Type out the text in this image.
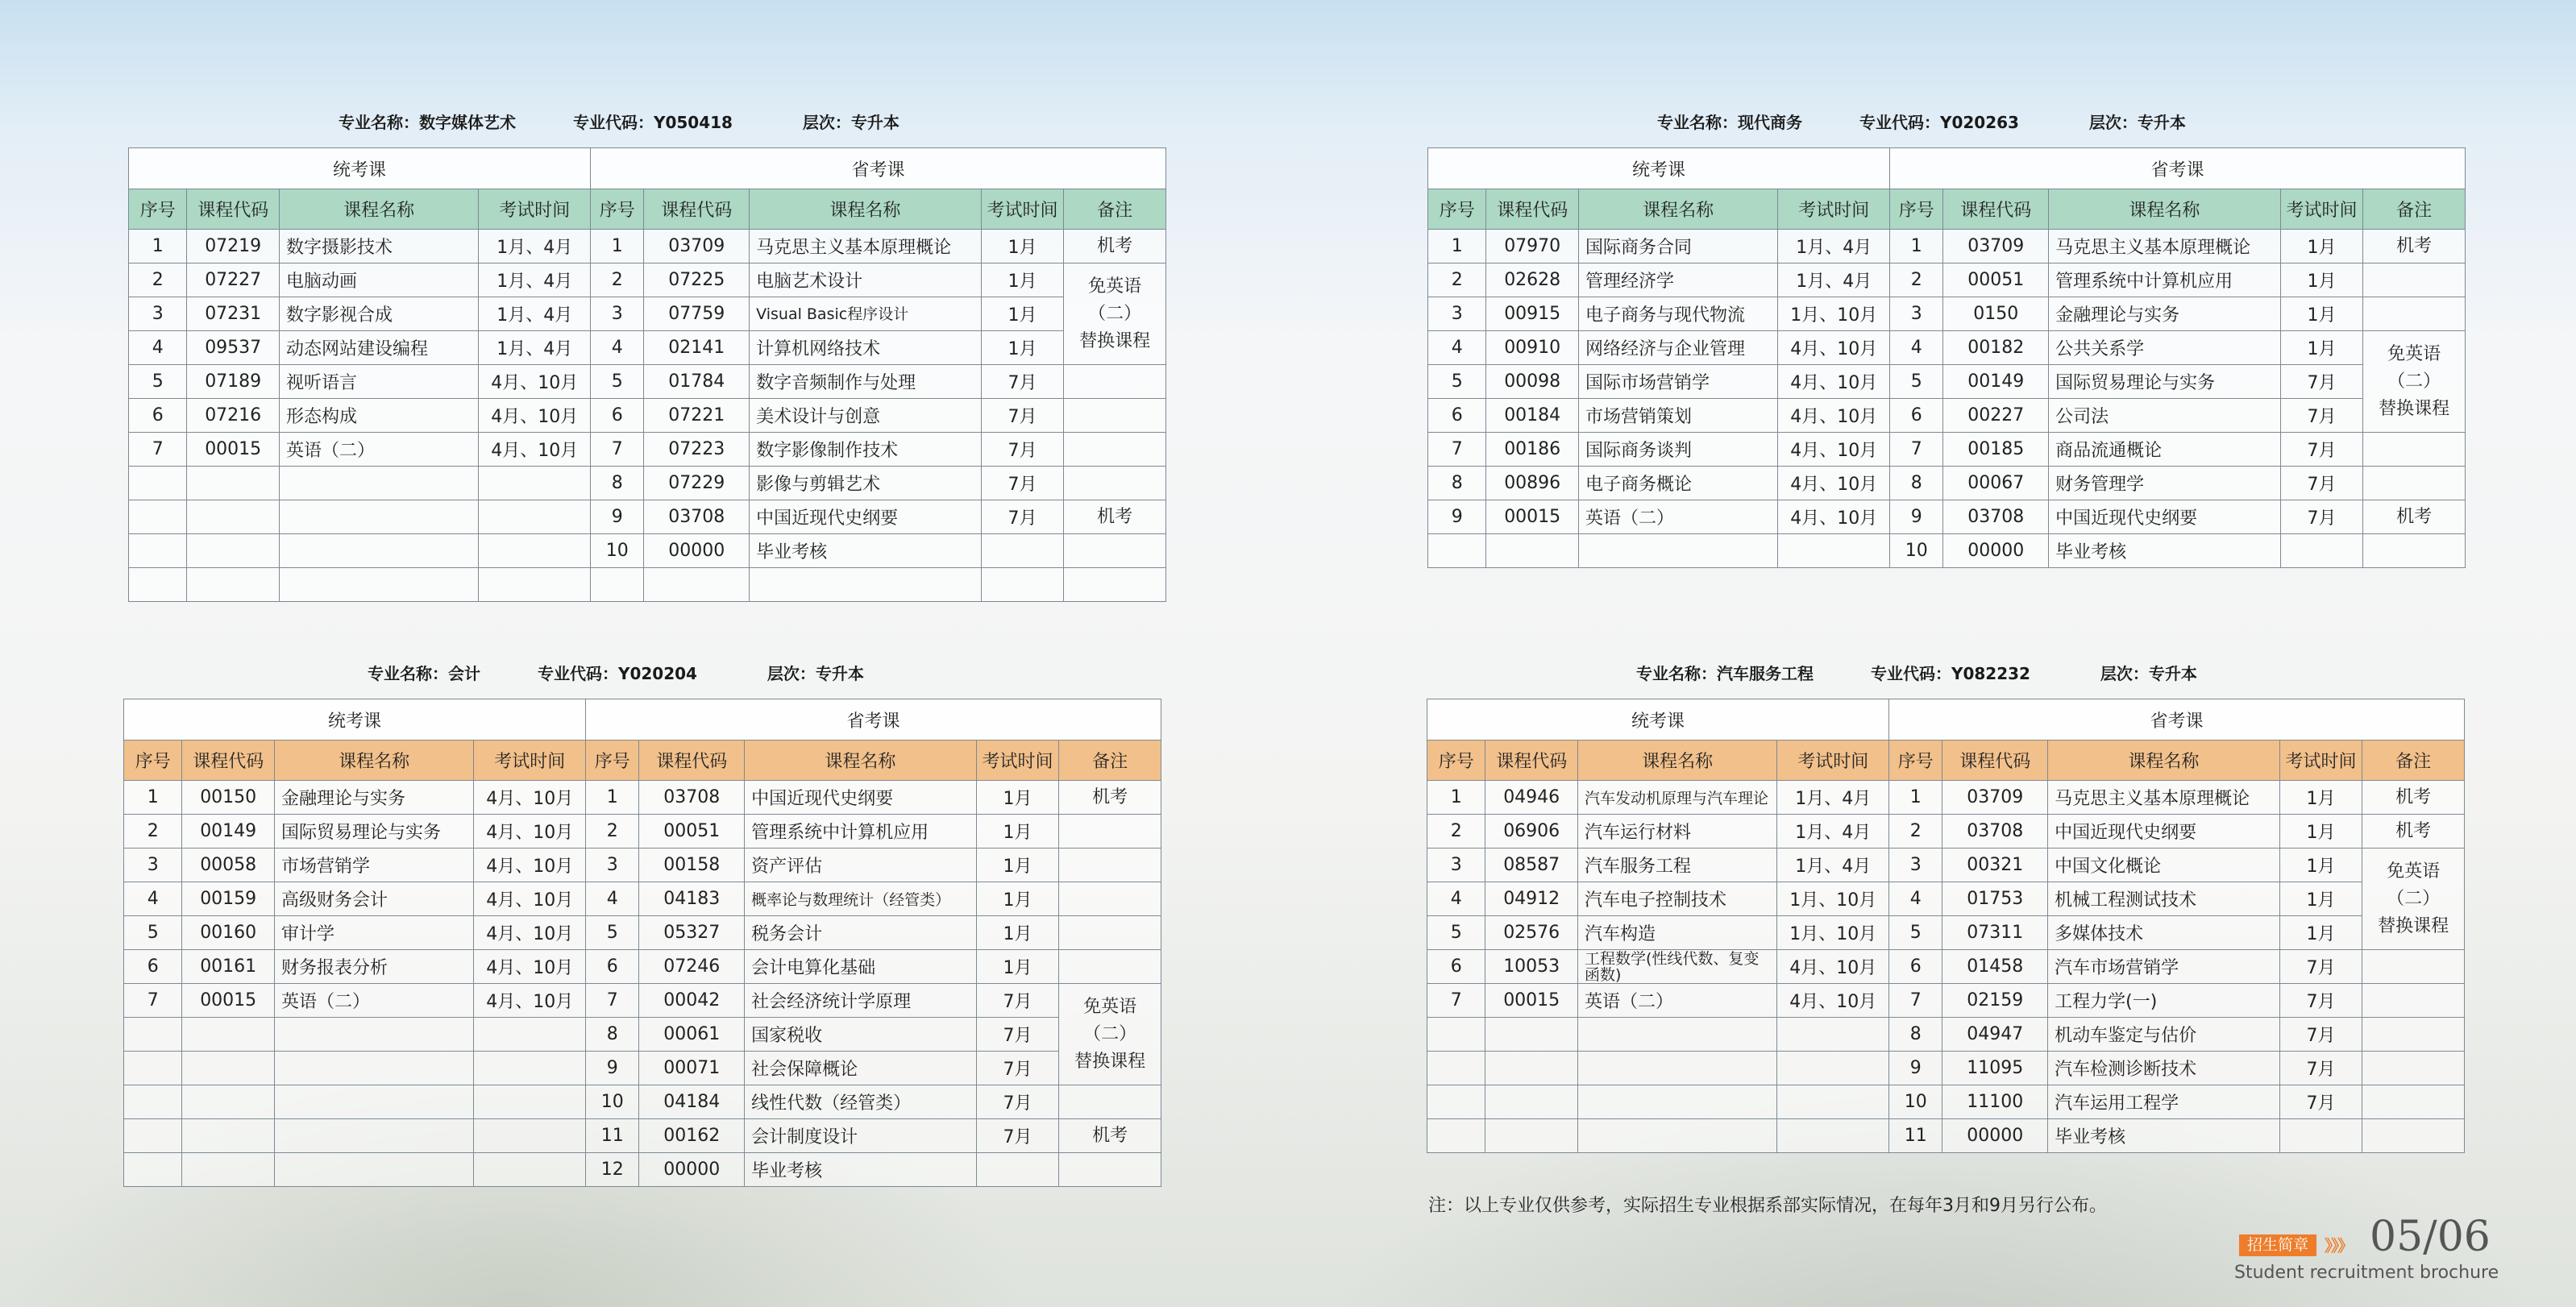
专业名称：数字媒体艺术	专业代码：Y050418	层次：专升本
统考课				省考课				
序号	课程代码	课程名称	考试时间	序号	课程代码	课程名称	考试时间	备注
1	07219	数字摄影技术	1月、4月	1	03709	马克思主义基本原理概论	1月	机考
2	07227	电脑动画	1月、4月	2	07225	电脑艺术设计	1月	免英语
（二）
替换课程
3	07231	数字影视合成	1月、4月	3	07759	Visual Basic程序设计	1月	
4	09537	动态网站建设编程	1月、4月	4	02141	计算机网络技术	1月	
5	07189	视听语言	4月、10月	5	01784	数字音频制作与处理	7月	
6	07216	形态构成	4月、10月	6	07221	美术设计与创意	7月	
7	00015	英语（二）	4月、10月	7	07223	数字影像制作技术	7月	
				8	07229	影像与剪辑艺术	7月	
				9	03708	中国近现代史纲要	7月	机考
				10	00000	毕业考核		

专业名称：现代商务	专业代码：Y020263	层次：专升本
统考课				省考课				
序号	课程代码	课程名称	考试时间	序号	课程代码	课程名称	考试时间	备注
1	07970	国际商务合同	1月、4月	1	03709	马克思主义基本原理概论	1月	机考
2	02628	管理经济学	1月、4月	2	00051	管理系统中计算机应用	1月	
3	00915	电子商务与现代物流	1月、10月	3	0150	金融理论与实务	1月	
4	00910	网络经济与企业管理	4月、10月	4	00182	公共关系学	1月	免英语
（二）
替换课程
5	00098	国际市场营销学	4月、10月	5	00149	国际贸易理论与实务	7月	
6	00184	市场营销策划	4月、10月	6	00227	公司法	7月	
7	00186	国际商务谈判	4月、10月	7	00185	商品流通概论	7月	
8	00896	电子商务概论	4月、10月	8	00067	财务管理学	7月	
9	00015	英语（二）	4月、10月	9	03708	中国近现代史纲要	7月	机考
				10	00000	毕业考核		
专业名称：会计	专业代码：Y020204	层次：专升本
统考课				省考课				
序号	课程代码	课程名称	考试时间	序号	课程代码	课程名称	考试时间	备注
1	00150	金融理论与实务	4月、10月	1	03708	中国近现代史纲要	1月	机考
2	00149	国际贸易理论与实务	4月、10月	2	00051	管理系统中计算机应用	1月	
3	00058	市场营销学	4月、10月	3	00158	资产评估	1月	
4	00159	高级财务会计	4月、10月	4	04183	概率论与数理统计（经管类）	1月	
5	00160	审计学	4月、10月	5	05327	税务会计	1月	
6	00161	财务报表分析	4月、10月	6	07246	会计电算化基础	1月	
7	00015	英语（二）	4月、10月	7	00042	社会经济统计学原理	7月	免英语
（二）
替换课程
				8	00061	国家税收	7月	
				9	00071	社会保障概论	7月	
				10	04184	线性代数（经管类）	7月	
				11	00162	会计制度设计	7月	机考
				12	00000	毕业考核		
专业名称：汽车服务工程	专业代码：Y082232	层次：专升本
统考课				省考课				
序号	课程代码	课程名称	考试时间	序号	课程代码	课程名称	考试时间	备注
1	04946	汽车发动机原理与汽车理论	1月、4月	1	03709	马克思主义基本原理概论	1月	机考
2	06906	汽车运行材料	1月、4月	2	03708	中国近现代史纲要	1月	机考
3	08587	汽车服务工程	1月、4月	3	00321	中国文化概论	1月	免英语
（二）
替换课程
4	04912	汽车电子控制技术	1月、10月	4	01753	机械工程测试技术	1月	
5	02576	汽车构造	1月、10月	5	07311	多媒体技术	1月	
6	10053	工程数学(性线代数、复变函数)	4月、10月	6	01458	汽车市场营销学	7月	
7	00015	英语（二）	4月、10月	7	02159	工程力学(一)	7月	
				8	04947	机动车鉴定与估价	7月	
				9	11095	汽车检测诊断技术	7月	
				10	11100	汽车运用工程学	7月	
				11	00000	毕业考核		
注：以上专业仅供参考，实际招生专业根据系部实际情况，在每年3月和9月另行公布。
招生简章 》》》 05/06
Student recruitment brochure
